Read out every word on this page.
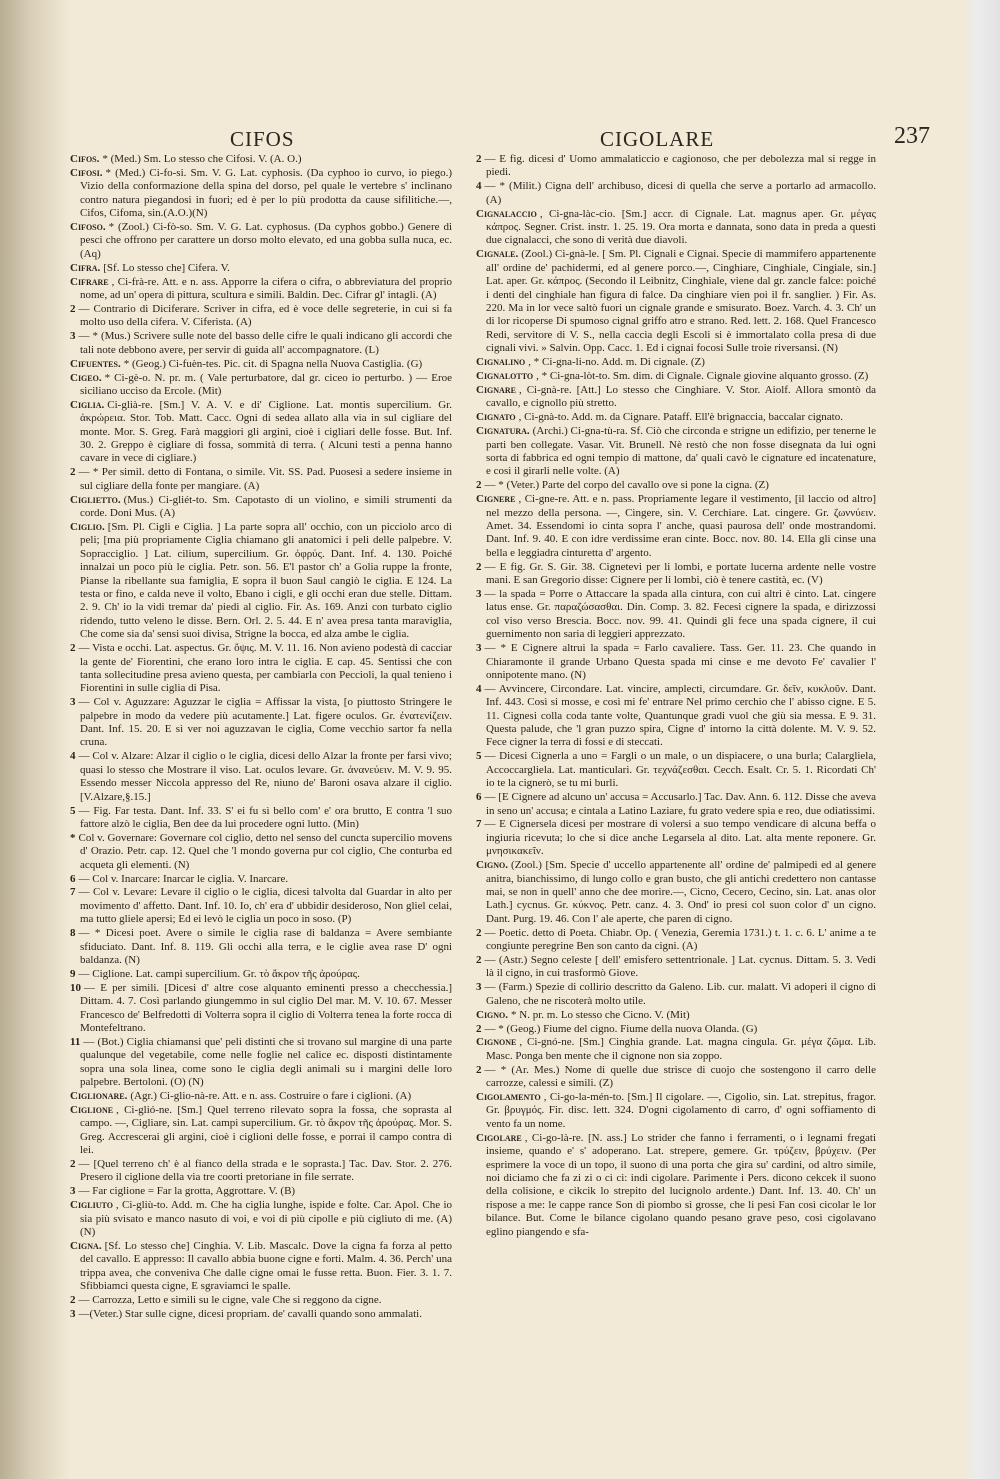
CIFOS	CIGOLARE	237

Cifos. * (Med.) Sm. Lo stesso che Cifosi. V. (A. O.)

Cifosi. * (Med.) Ci-fo-si. Sm. V. G. Lat. cyphosis. (Da cyphoo io curvo, io piego.) Vizio della conformazione della spina del dorso, pel quale le vertebre s' inclinano contro natura piegandosi in fuori; ed è per lo più prodotta da cause sifilitiche.—, Cifos, Cifoma, sin.(A.O.)(N)

Cifoso. * (Zool.) Ci-fò-so. Sm. V. G. Lat. cyphosus. (Da cyphos gobbo.) Genere di pesci che offrono per carattere un dorso molto elevato, ed una gobba sulla nuca, ec. (Aq)

Cifra. [Sf. Lo stesso che] Cifera. V.

Cifrare , Ci-frà-re. Att. e n. ass. Apporre la cifera o cifra, o abbreviatura del proprio nome, ad un' opera di pittura, scultura e simili. Baldin. Dec. Cifrar gl' intagli. (A)

2 — Contrario di Diciferare. Scriver in cifra, ed è voce delle segreterie, in cui si fa molto uso della cifera. V. Ciferista. (A)

3 — * (Mus.) Scrivere sulle note del basso delle cifre le quali indicano gli accordi che tali note debbono avere, per servir di guida all' accompagnatore. (L)

Cifuentes. * (Geog.) Ci-fuèn-tes. Pic. cit. di Spagna nella Nuova Castiglia. (G)

Cigeo. * Ci-gè-o. N. pr. m. ( Vale perturbatore, dal gr. ciceo io perturbo. ) — Eroe siciliano ucciso da Ercole. (Mit)

Ciglia. Ci-glià-re. [Sm.] V. A. V. e di' Ciglione. Lat. montis supercilium. Gr. ἀκρώρεια. Stor. Tob. Matt. Cacc. Ogni di sedea allato alla via in sul cigliare del monte. Mor. S. Greg. Farà maggiori gli argini, cioè i cigliari delle fosse. But. Inf. 30. 2. Greppo è cigliare di fossa, sommità di terra. ( Alcuni testi a penna hanno cavare in vece di cigliare.)

2 — * Per simil. detto di Fontana, o simile. Vit. SS. Pad. Puosesi a sedere insieme in sul cigliare della fonte per mangiare. (A)

Ciglietto. (Mus.) Ci-gliét-to. Sm. Capotasto di un violino, e simili strumenti da corde. Doni Mus. (A)

Ciglio. [Sm. Pl. Cigli e Ciglia. ] La parte sopra all' occhio, con un picciolo arco di peli; [ma più propriamente Ciglia chiamano gli anatomici i peli delle palpebre. V. Sopracciglio. ] Lat. cilium, supercilium. Gr. ὀφρύς. Dant. Inf. 4. 130. Poiché innalzai un poco più le ciglia. Petr. son. 56. E'l pastor ch' a Golia ruppe la fronte, Pianse la ribellante sua famiglia, E sopra il buon Saul cangiò le ciglia. E 124. La testa or fino, e calda neve il volto, Ebano i cigli, e gli occhi eran due stelle. Dittam. 2. 9. Ch' io la vidi tremar da' piedi al ciglio. Fir. As. 169. Anzi con turbato ciglio ridendo, tutto veleno le disse. Bern. Orl. 2. 5. 44. E n' avea presa tanta maraviglia, Che come sia da' sensi suoi divisa, Strigne la bocca, ed alza ambe le ciglia.

2 — Vista e occhi. Lat. aspectus. Gr. ὄψις. M. V. 11. 16. Non avieno podestà di cacciar la gente de' Fiorentini, che erano loro intra le ciglia. E cap. 45. Sentissi che con tanta sollecitudine presa avieno questa, per cambiarla con Peccioli, la qual tenieno i Fiorentini in sulle ciglia di Pisa.

3 — Col v. Aguzzare: Aguzzar le ciglia = Affissar la vista, [o piuttosto Stringere le palpebre in modo da vedere più acutamente.] Lat. figere oculos. Gr. ἐνατενίζειν. Dant. Inf. 15. 20. E sì ver noi aguzzavan le ciglia, Come vecchio sartor fa nella cruna.

4 — Col v. Alzare: Alzar il ciglio o le ciglia, dicesi dello Alzar la fronte per farsi vivo; quasi lo stesso che Mostrare il viso. Lat. oculos levare. Gr. ἀνανεύειν. M. V. 9. 95. Essendo messer Niccola appresso del Re, niuno de' Baroni osava alzare il ciglio.[V.Alzare,§.15.]

5 — Fig. Far testa. Dant. Inf. 33. S' ei fu sì bello com' e' ora brutto, E contra 'l suo fattore alzò le ciglia, Ben dee da lui procedere ogni lutto. (Min)

* Col v. Governare: Governare col ciglio, detto nel senso del cuncta supercilio movens d' Orazio. Petr. cap. 12. Quel che 'l mondo governa pur col ciglio, Che conturba ed acqueta gli elementi. (N)

6 — Col v. Inarcare: Inarcar le ciglia. V. Inarcare.

7 — Col v. Levare: Levare il ciglio o le ciglia, dicesi talvolta dal Guardar in alto per movimento d' affetto. Dant. Inf. 10. Io, ch' era d' ubbidir desideroso, Non gliel celai, ma tutto gliele apersi; Ed ei levò le ciglia un poco in soso. (P)

8 — * Dicesi poet. Avere o simile le ciglia rase di baldanza = Avere sembiante sfiduciato. Dant. Inf. 8. 119. Gli occhi alla terra, e le ciglie avea rase D' ogni baldanza. (N)

9 — Ciglione. Lat. campi supercilium. Gr. τὸ ἄκρον τῆς ἀρούρας.

10 — E per simili. [Dicesi d' altre cose alquanto eminenti presso a checchessia.] Dittam. 4. 7. Così parlando giungemmo in sul ciglio Del mar. M. V. 10. 67. Messer Francesco de' Belfredotti di Volterra sopra il ciglio di Volterra tenea la forte rocca di Montefeltrano.

11 — (Bot.) Ciglia chiamansi que' peli distinti che si trovano sul margine di una parte qualunque del vegetabile, come nelle foglie nel calice ec. disposti distintamente sopra una sola linea, come sono le ciglia degli animali su i margini delle loro palpebre. Bertoloni. (O) (N)

Ciglionare. (Agr.) Ci-glio-nà-re. Att. e n. ass. Costruire o fare i ciglioni. (A)

Ciglione , Ci-glió-ne. [Sm.] Quel terreno rilevato sopra la fossa, che soprasta al campo. —, Cigliare, sin. Lat. campi supercilium. Gr. τὸ ἄκρον τῆς ἀρούρας. Mor. S. Greg. Accrescerai gli argini, cioè i ciglioni delle fosse, e porrai il campo contra di lei.

2 — [Quel terreno ch' è al fianco della strada e le soprasta.] Tac. Dav. Stor. 2. 276. Presero il ciglione della via tre coorti pretoriane in file serrate.

3 — Far ciglione = Far la grotta, Aggrottare. V. (B)

Cigliuto , Ci-gliù-to. Add. m. Che ha ciglia lunghe, ispide e folte. Car. Apol. Che io sia più svisato e manco nasuto di voi, e voi di più cipolle e più cigliuto di me. (A) (N)

Cigna. [Sf. Lo stesso che] Cinghia. V. Lib. Mascalc. Dove la cigna fa forza al petto del cavallo. E appresso: Il cavallo abbia buone cigne e forti. Malm. 4. 36. Perch' una trippa avea, che conveniva Che dalle cigne omai le fusse retta. Buon. Fier. 3. 1. 7. Sfibbiamci questa cigne, E sgraviamci le spalle.

2 — Carrozza, Letto e simili su le cigne, vale Che si reggono da cigne.

3 —(Veter.) Star sulle cigne, dicesi propriam. de' cavalli quando sono ammalati.

2 — E fig. dicesi d' Uomo ammalaticcio e cagionoso, che per debolezza mal si regge in piedi.

4 — * (Milit.) Cigna dell' archibuso, dicesi di quella che serve a portarlo ad armacollo. (A)

Cignalaccio , Ci-gna-làc-cio. [Sm.] accr. di Cignale. Lat. magnus aper. Gr. μέγας κάπρος. Segner. Crist. instr. 1. 25. 19. Ora morta e dannata, sono data in preda a questi due cignalacci, che sono di verità due diavoli.

Cignale. (Zool.) Ci-gnà-le. [ Sm. Pl. Cignali e Cignai. Specie di mammifero appartenente all' ordine de' pachidermi, ed al genere porco.—, Cinghiare, Cinghiale, Cingiale, sin.] Lat. aper. Gr. κάπρος. (Secondo il Leibnitz, Cinghiale, viene dal gr. zancle falce: poiché i denti del cinghiale han figura di falce. Da cinghiare vien poi il fr. sanglier. ) Fir. As. 220. Ma in lor vece saltò fuori un cignale grande e smisurato. Boez. Varch. 4. 3. Ch' un di lor ricoperse Di spumoso cignal griffo atro e strano. Red. lett. 2. 168. Quel Francesco Redi, servitore di V. S., nella caccia degli Escoli si è immortalato colla presa di due cignali vivi. » Salvin. Opp. Cacc. 1. Ed i cignai focosi Sulle troie riversansi. (N)

Cignalino , * Ci-gna-li-no. Add. m. Di cignale. (Z)

Cignalotto , * Ci-gna-lòt-to. Sm. dim. di Cignale. Cignale giovine alquanto grosso. (Z)

Cignare , Ci-gnà-re. [Att.] Lo stesso che Cinghiare. V. Stor. Aiolf. Allora smontò da cavallo, e cignollo più stretto.

Cignato , Ci-gnà-to. Add. m. da Cignare. Pataff. Ell'è brignaccia, baccalar cignato.

Cignatura. (Archi.) Ci-gna-tù-ra. Sf. Ciò che circonda e strigne un edifizio, per tenerne le parti ben collegate. Vasar. Vit. Brunell. Nè restò che non fosse disegnata da lui ogni sorta di fabbrica ed ogni tempio di mattone, da' quali cavò le cignature ed incatenature, e così il girarli nelle volte. (A)

2 — * (Veter.) Parte del corpo del cavallo ove si pone la cigna. (Z)

Cignere , Ci-gne-re. Att. e n. pass. Propriamente legare il vestimento, [il laccio od altro] nel mezzo della persona. —, Cingere, sin. V. Cerchiare. Lat. cingere. Gr. ζωννύειν. Amet. 34. Essendomi io cinta sopra l' anche, quasi paurosa dell' onde mostrandomi. Dant. Inf. 9. 40. E con idre verdissime eran cinte. Bocc. nov. 80. 14. Ella gli cinse una bella e leggiadra cinturetta d' argento.

2 — E fig. Gr. S. Gir. 38. Cignetevi per li lombi, e portate lucerna ardente nelle vostre mani. E san Gregorio disse: Cignere per li lombi, ciò è tenere castità, ec. (V)

3 — la spada = Porre o Attaccare la spada alla cintura, con cui altri è cinto. Lat. cingere latus ense. Gr. παραζώσασθαι. Din. Comp. 3. 82. Fecesi cignere la spada, e dirizzossi col viso verso Brescia. Bocc. nov. 99. 41. Quindi gli fece una spada cignere, il cui guernimento non saria di leggieri apprezzato.

3 — * E Cignere altrui la spada = Farlo cavaliere. Tass. Ger. 11. 23. Che quando in Chiaramonte il grande Urbano Questa spada mi cinse e me devoto Fe' cavalier l' onnipotente mano. (N)

4 — Avvincere, Circondare. Lat. vincire, amplecti, circumdare. Gr. δεῖν, κυκλοῦν. Dant. Inf. 443. Così si mosse, e così mi fe' entrare Nel primo cerchio che l' abisso cigne. E 5. 11. Cignesi colla coda tante volte, Quantunque gradi vuol che giù sia messa. E 9. 31. Questa palude, che 'l gran puzzo spira, Cigne d' intorno la città dolente. M. V. 9. 52. Fece cigner la terra di fossi e di steccati.

5 — Dicesi Cignerla a uno = Fargli o un male, o un dispiacere, o una burla; Calargliela, Accoccargliela. Lat. manticulari. Gr. τεχνάζεσθαι. Cecch. Esalt. Cr. 5. 1. Ricordati Ch' io te la cignerò, se tu mi burli.

6 — [E Cignere ad alcuno un' accusa = Accusarlo.] Tac. Dav. Ann. 6. 112. Disse che aveva in seno un' accusa; e cintala a Latino Laziare, fu grato vedere spia e reo, due odiatissimi.

7 — E Cignersela dicesi per mostrare di volersi a suo tempo vendicare di alcuna beffa o ingiuria ricevuta; lo che si dice anche Legarsela al dito. Lat. alta mente reponere. Gr. μνησικακεῖν.

Cigno. (Zool.) [Sm. Specie d' uccello appartenente all' ordine de' palmipedi ed al genere anitra, bianchissimo, di lungo collo e gran busto, che gli antichi credettero non cantasse mai, se non in quell' anno che dee morire.—, Cicno, Cecero, Cecino, sin. Lat. anas olor Lath.] cycnus. Gr. κύκνος. Petr. canz. 4. 3. Ond' io presi col suon color d' un cigno. Dant. Purg. 19. 46. Con l' ale aperte, che paren di cigno.

2 — Poetic. detto di Poeta. Chiabr. Op. ( Venezia, Geremia 1731.) t. 1. c. 6. L' anime a te congiunte peregrine Ben son canto da cigni. (A)

2 — (Astr.) Segno celeste [ dell' emisfero settentrionale. ] Lat. cycnus. Dittam. 5. 3. Vedi là il cigno, in cui trasformò Giove.

3 — (Farm.) Spezie di collirio descritto da Galeno. Lib. cur. malatt. Vi adoperi il cigno di Galeno, che ne riscoterà molto utile.

Cigno. * N. pr. m. Lo stesso che Cicno. V. (Mit)

2 — * (Geog.) Fiume del cigno. Fiume della nuova Olanda. (G)

Cignone , Ci-gnó-ne. [Sm.] Cinghia grande. Lat. magna cingula. Gr. μέγα ζῶμα. Lib. Masc. Ponga ben mente che il cignone non sia zoppo.

2 — * (Ar. Mes.) Nome di quelle due strisce di cuojo che sostengono il carro delle carrozze, calessi e simili. (Z)

Cigolamento , Ci-go-la-mén-to. [Sm.] Il cigolare. —, Cigolio, sin. Lat. strepitus, fragor. Gr. βρυγμός. Fir. disc. lett. 324. D'ogni cigolamento di carro, d' ogni soffiamento di vento fa un nome.

Cigolare , Ci-go-là-re. [N. ass.] Lo strider che fanno i ferramenti, o i legnami fregati insieme, quando e' s' adoperano. Lat. strepere, gemere. Gr. τρύζειν, βρύχειν. (Per esprimere la voce di un topo, il suono di una porta che gira su' cardini, od altro simile, noi diciamo che fa zi zi o ci ci: indi cigolare. Parimente i Pers. dicono cekcek il suono della colisione, e cikcik lo strepito del lucignolo ardente.) Dant. Inf. 13. 40. Ch' un rispose a me: le cappe rance Son di piombo sì grosse, che li pesi Fan così cicolar le lor bilance. But. Come le bilance cigolano quando pesano grave peso, così cigolavano eglino piangendo e sfa-
